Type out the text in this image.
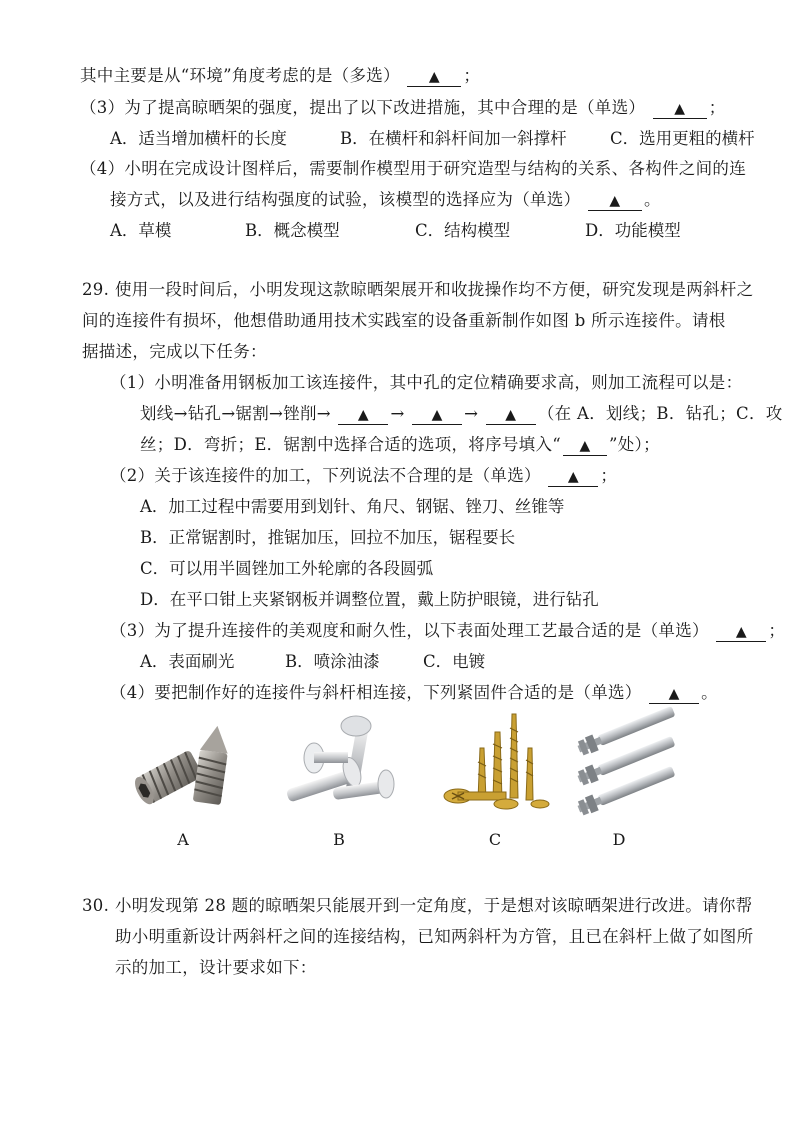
其中主要是从“环境”角度考虑的是（多选） ▲ ；
（3）为了提高晾晒架的强度，提出了以下改进措施，其中合理的是（单选） ▲ ；
A．适当增加横杆的长度	B．在横杆和斜杆间加一斜撑杆	C．选用更粗的横杆
（4）小明在完成设计图样后，需要制作模型用于研究造型与结构的关系、各构件之间的连
接方式，以及进行结构强度的试验，该模型的选择应为（单选） ▲ 。
A．草模	B．概念模型	C．结构模型	D．功能模型
29. 使用一段时间后，小明发现这款晾晒架展开和收拢操作均不方便，研究发现是两斜杆之
间的连接件有损坏，他想借助通用技术实践室的设备重新制作如图 b 所示连接件。请根
据描述，完成以下任务：
（1）小明准备用钢板加工该连接件，其中孔的定位精确要求高，则加工流程可以是：
划线→钻孔→锯割→锉削→ ▲ → ▲ → ▲ （在 A．划线；B．钻孔；C．攻
丝；D．弯折；E．锯割中选择合适的选项，将序号填入“ ▲ ”处）；
（2）关于该连接件的加工，下列说法不合理的是（单选） ▲ ；
A．加工过程中需要用到划针、角尺、钢锯、锉刀、丝锥等
B．正常锯割时，推锯加压，回拉不加压，锯程要长
C．可以用半圆锉加工外轮廓的各段圆弧
D．在平口钳上夹紧钢板并调整位置，戴上防护眼镜，进行钻孔
（3）为了提升连接件的美观度和耐久性，以下表面处理工艺最合适的是（单选） ▲ ；
A．表面刷光	B．喷涂油漆	C．电镀
（4）要把制作好的连接件与斜杆相连接，下列紧固件合适的是（单选） ▲ 。
A	B	C	D
30. 小明发现第 28 题的晾晒架只能展开到一定角度，于是想对该晾晒架进行改进。请你帮
助小明重新设计两斜杆之间的连接结构，已知两斜杆为方管，且已在斜杆上做了如图所
示的加工，设计要求如下：
